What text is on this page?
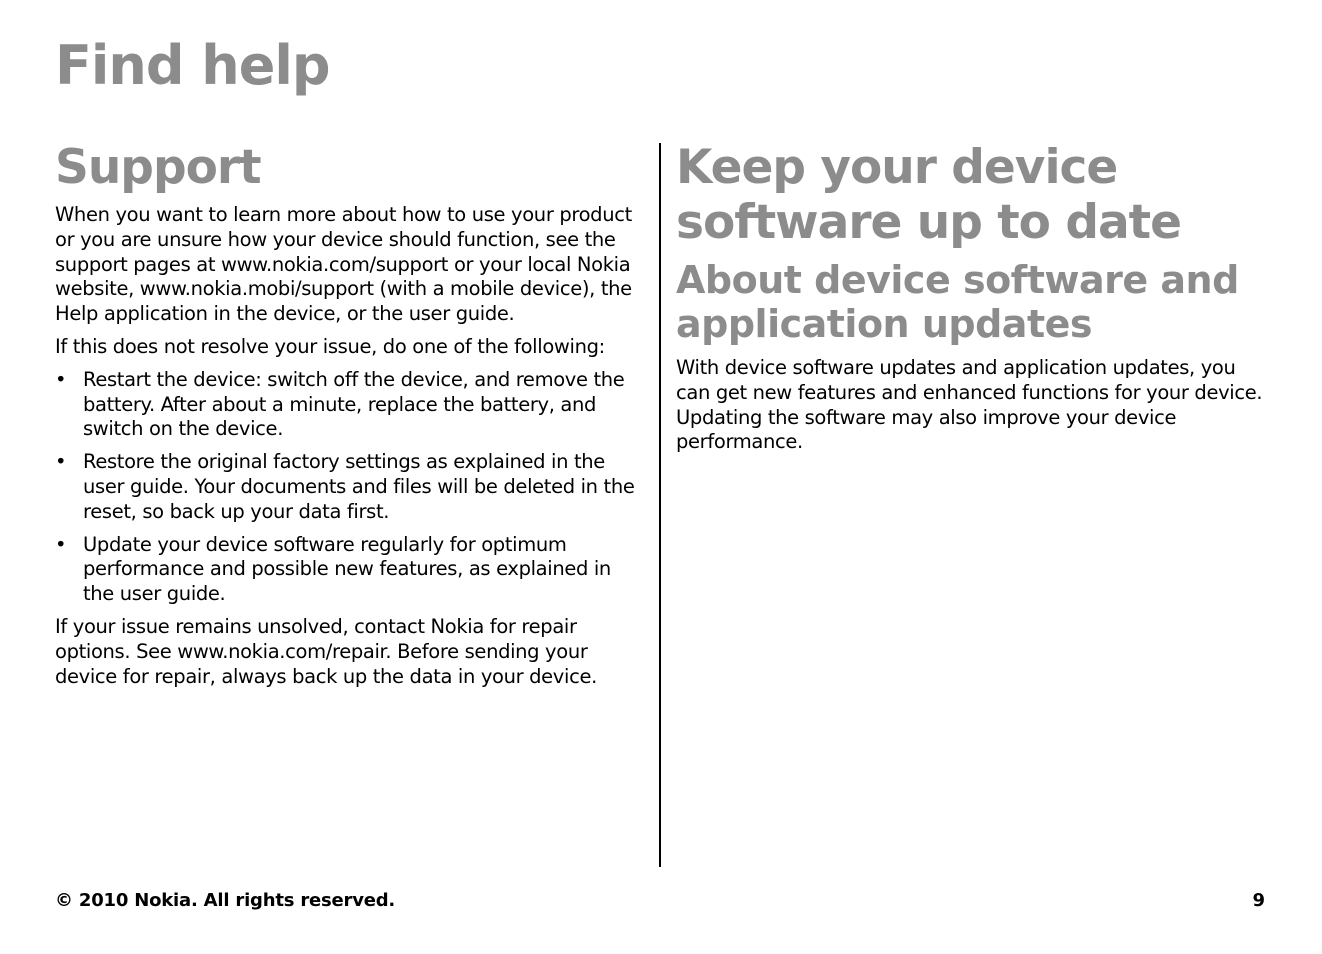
Find help
Support

When you want to learn more about how to use your product or you are unsure how your device should function, see the support pages at www.nokia.com/support or your local Nokia website, www.nokia.mobi/support (with a mobile device), the Help application in the device, or the user guide.

If this does not resolve your issue, do one of the following:

• Restart the device: switch off the device, and remove the battery. After about a minute, replace the battery, and switch on the device.
• Restore the original factory settings as explained in the user guide. Your documents and files will be deleted in the reset, so back up your data first.
• Update your device software regularly for optimum performance and possible new features, as explained in the user guide.

If your issue remains unsolved, contact Nokia for repair options. See www.nokia.com/repair. Before sending your device for repair, always back up the data in your device.

Keep your device software up to date
About device software and application updates

With device software updates and application updates, you can get new features and enhanced functions for your device. Updating the software may also improve your device performance.

© 2010 Nokia. All rights reserved.	9
